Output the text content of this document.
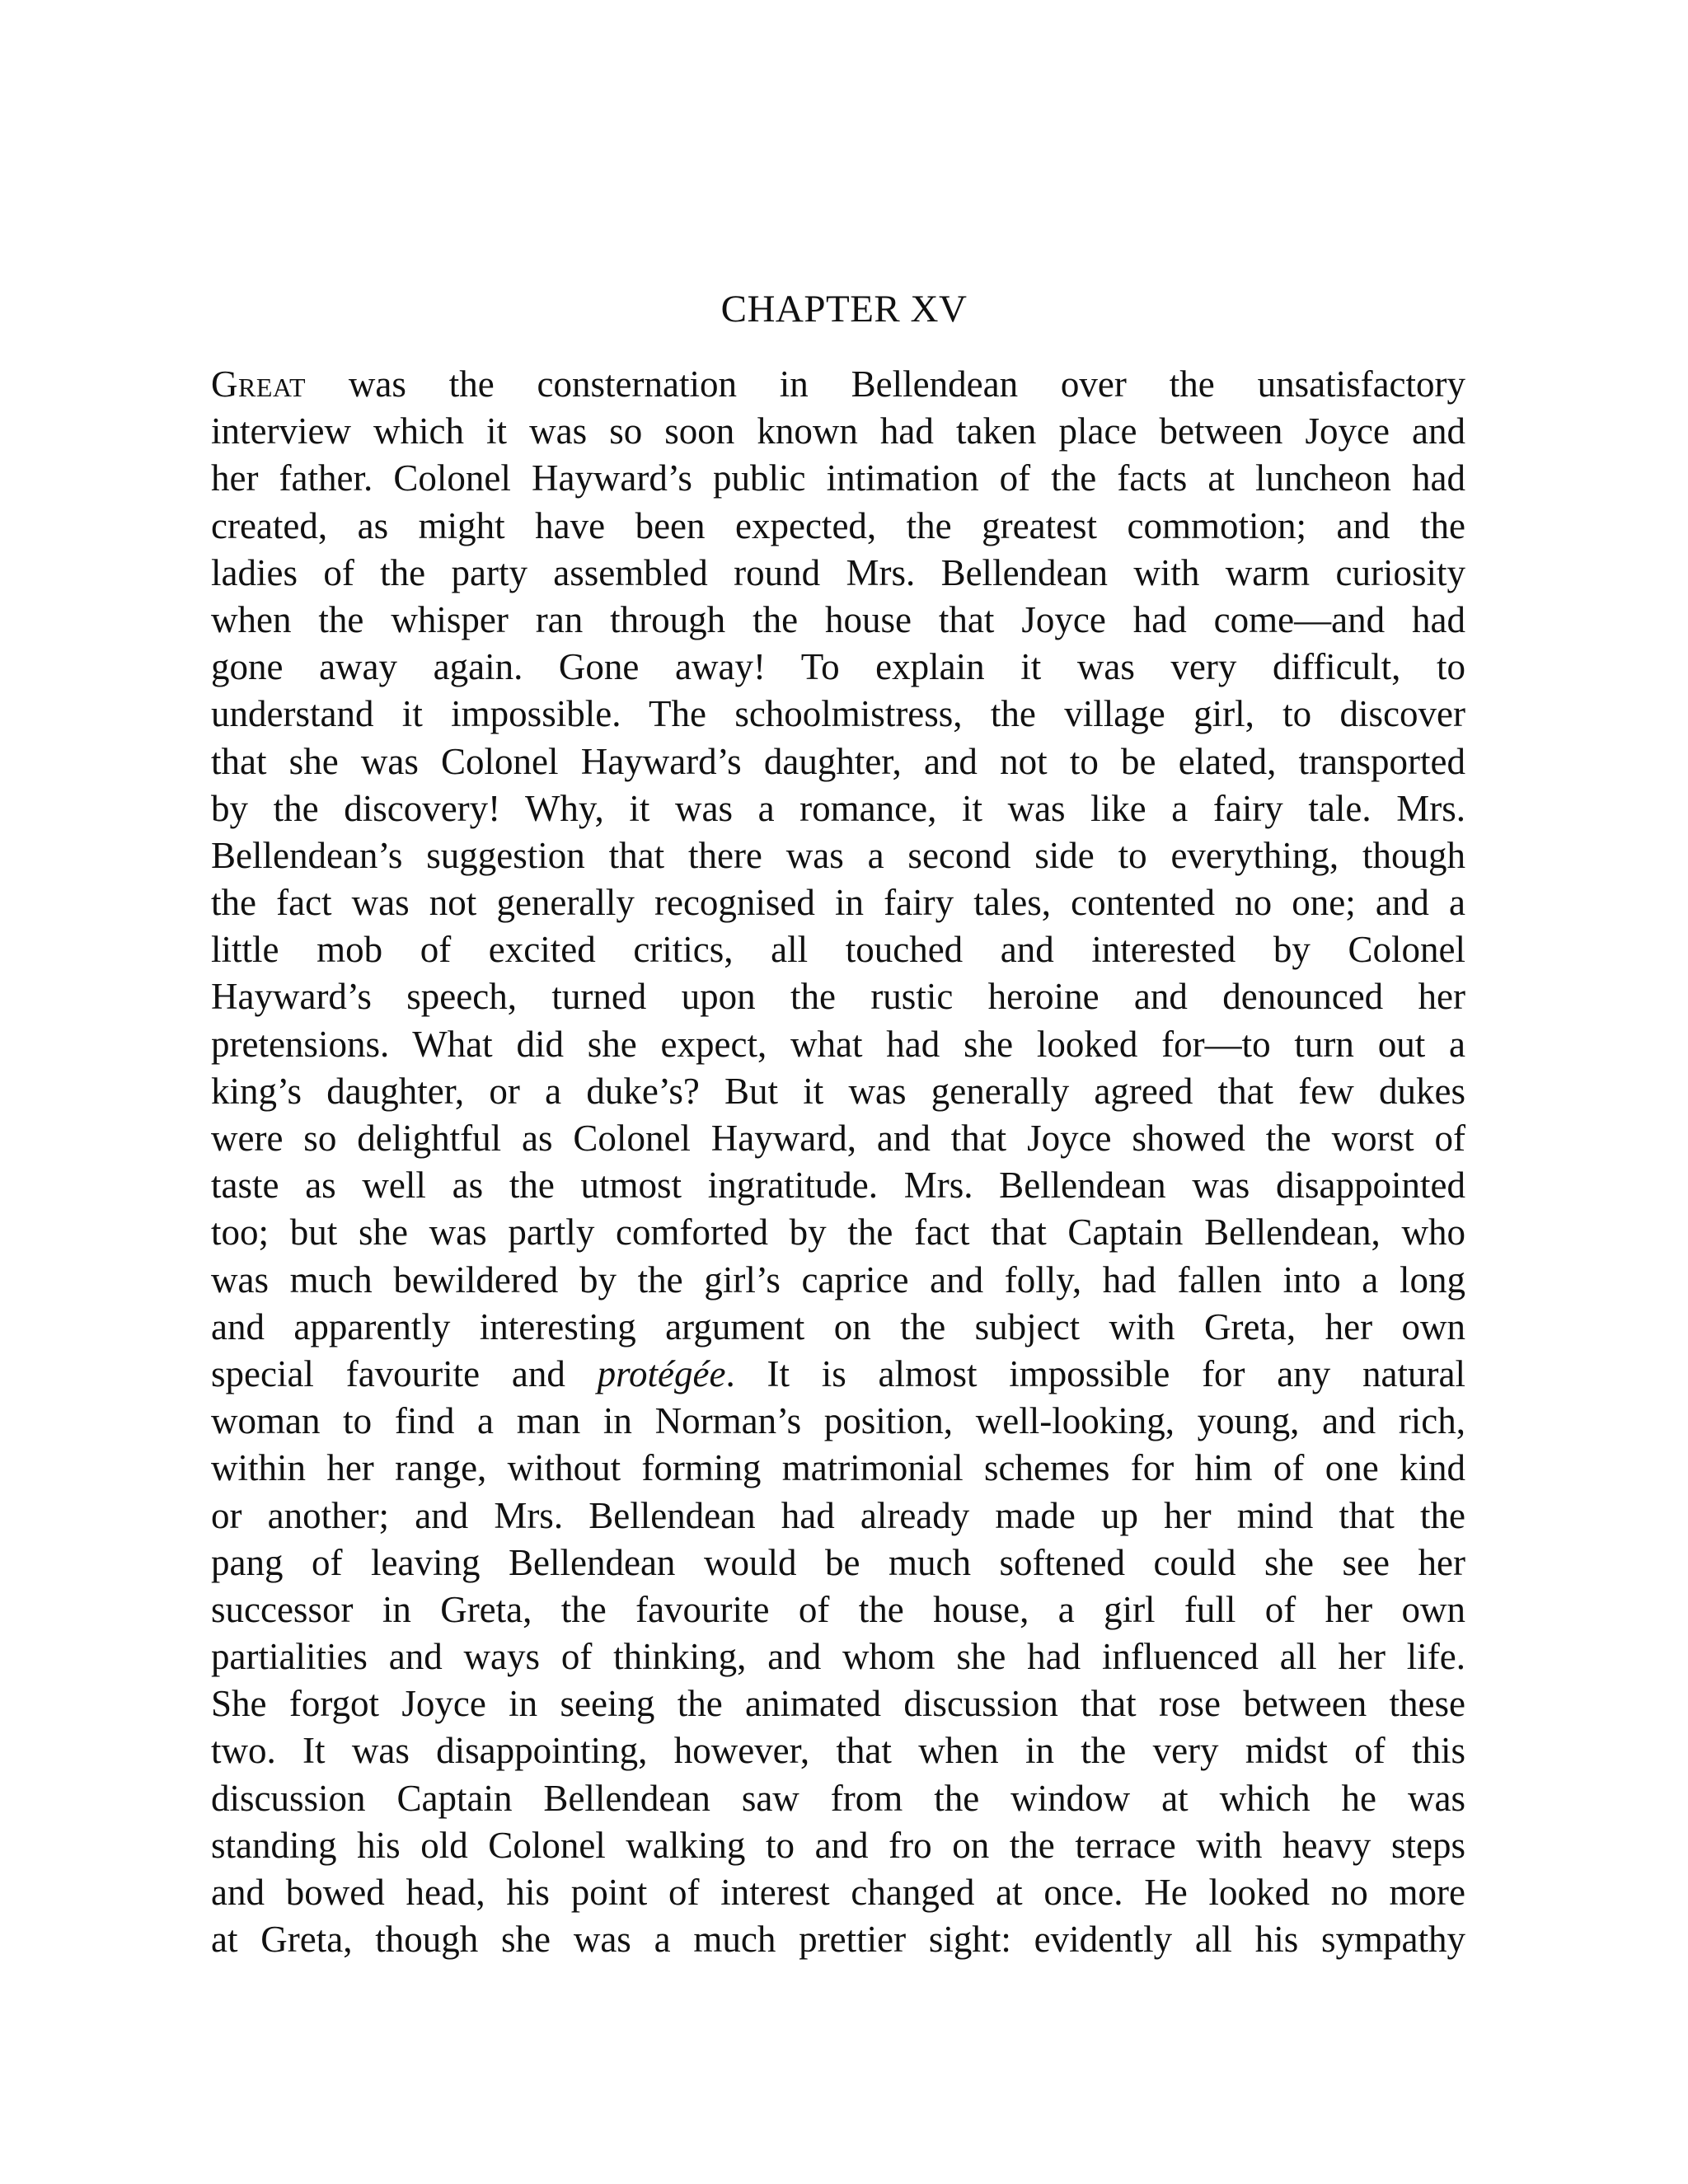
CHAPTER XV
Great was the consternation in Bellendean over the unsatisfactory
interview which it was so soon known had taken place between Joyce and
her father. Colonel Hayward’s public intimation of the facts at luncheon had
created, as might have been expected, the greatest commotion; and the
ladies of the party assembled round Mrs. Bellendean with warm curiosity
when the whisper ran through the house that Joyce had come—and had
gone away again. Gone away! To explain it was very difficult, to
understand it impossible. The schoolmistress, the village girl, to discover
that she was Colonel Hayward’s daughter, and not to be elated, transported
by the discovery! Why, it was a romance, it was like a fairy tale. Mrs.
Bellendean’s suggestion that there was a second side to everything, though
the fact was not generally recognised in fairy tales, contented no one; and a
little mob of excited critics, all touched and interested by Colonel
Hayward’s speech, turned upon the rustic heroine and denounced her
pretensions. What did she expect, what had she looked for—to turn out a
king’s daughter, or a duke’s? But it was generally agreed that few dukes
were so delightful as Colonel Hayward, and that Joyce showed the worst of
taste as well as the utmost ingratitude. Mrs. Bellendean was disappointed
too; but she was partly comforted by the fact that Captain Bellendean, who
was much bewildered by the girl’s caprice and folly, had fallen into a long
and apparently interesting argument on the subject with Greta, her own
special favourite and protégée. It is almost impossible for any natural
woman to find a man in Norman’s position, well-looking, young, and rich,
within her range, without forming matrimonial schemes for him of one kind
or another; and Mrs. Bellendean had already made up her mind that the
pang of leaving Bellendean would be much softened could she see her
successor in Greta, the favourite of the house, a girl full of her own
partialities and ways of thinking, and whom she had influenced all her life.
She forgot Joyce in seeing the animated discussion that rose between these
two. It was disappointing, however, that when in the very midst of this
discussion Captain Bellendean saw from the window at which he was
standing his old Colonel walking to and fro on the terrace with heavy steps
and bowed head, his point of interest changed at once. He looked no more
at Greta, though she was a much prettier sight: evidently all his sympathy
